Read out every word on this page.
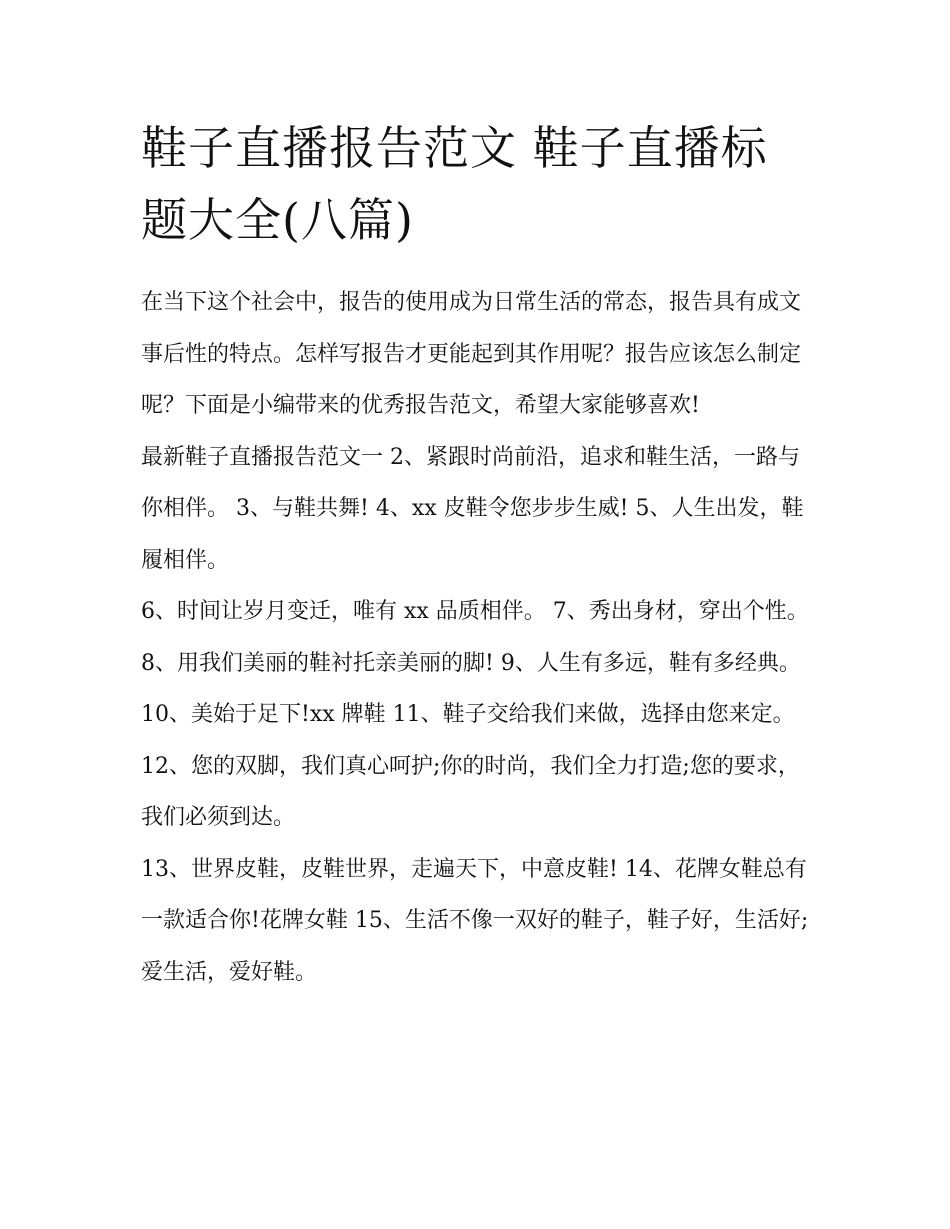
鞋子直播报告范文 鞋子直播标题大全(八篇)

在当下这个社会中，报告的使用成为日常生活的常态，报告具有成文事后性的特点。怎样写报告才更能起到其作用呢？报告应该怎么制定呢？下面是小编带来的优秀报告范文，希望大家能够喜欢!

最新鞋子直播报告范文一 2、紧跟时尚前沿，追求和鞋生活，一路与你相伴。 3、与鞋共舞! 4、xx 皮鞋令您步步生威! 5、人生出发，鞋履相伴。

6、时间让岁月变迁，唯有 xx 品质相伴。 7、秀出身材，穿出个性。 8、用我们美丽的鞋衬托亲美丽的脚! 9、人生有多远，鞋有多经典。

10、美始于足下!xx 牌鞋 11、鞋子交给我们来做，选择由您来定。 12、您的双脚，我们真心呵护;你的时尚，我们全力打造;您的要求，我们必须到达。

13、世界皮鞋，皮鞋世界，走遍天下，中意皮鞋! 14、花牌女鞋总有一款适合你!花牌女鞋 15、生活不像一双好的鞋子，鞋子好，生活好;爱生活，爱好鞋。
